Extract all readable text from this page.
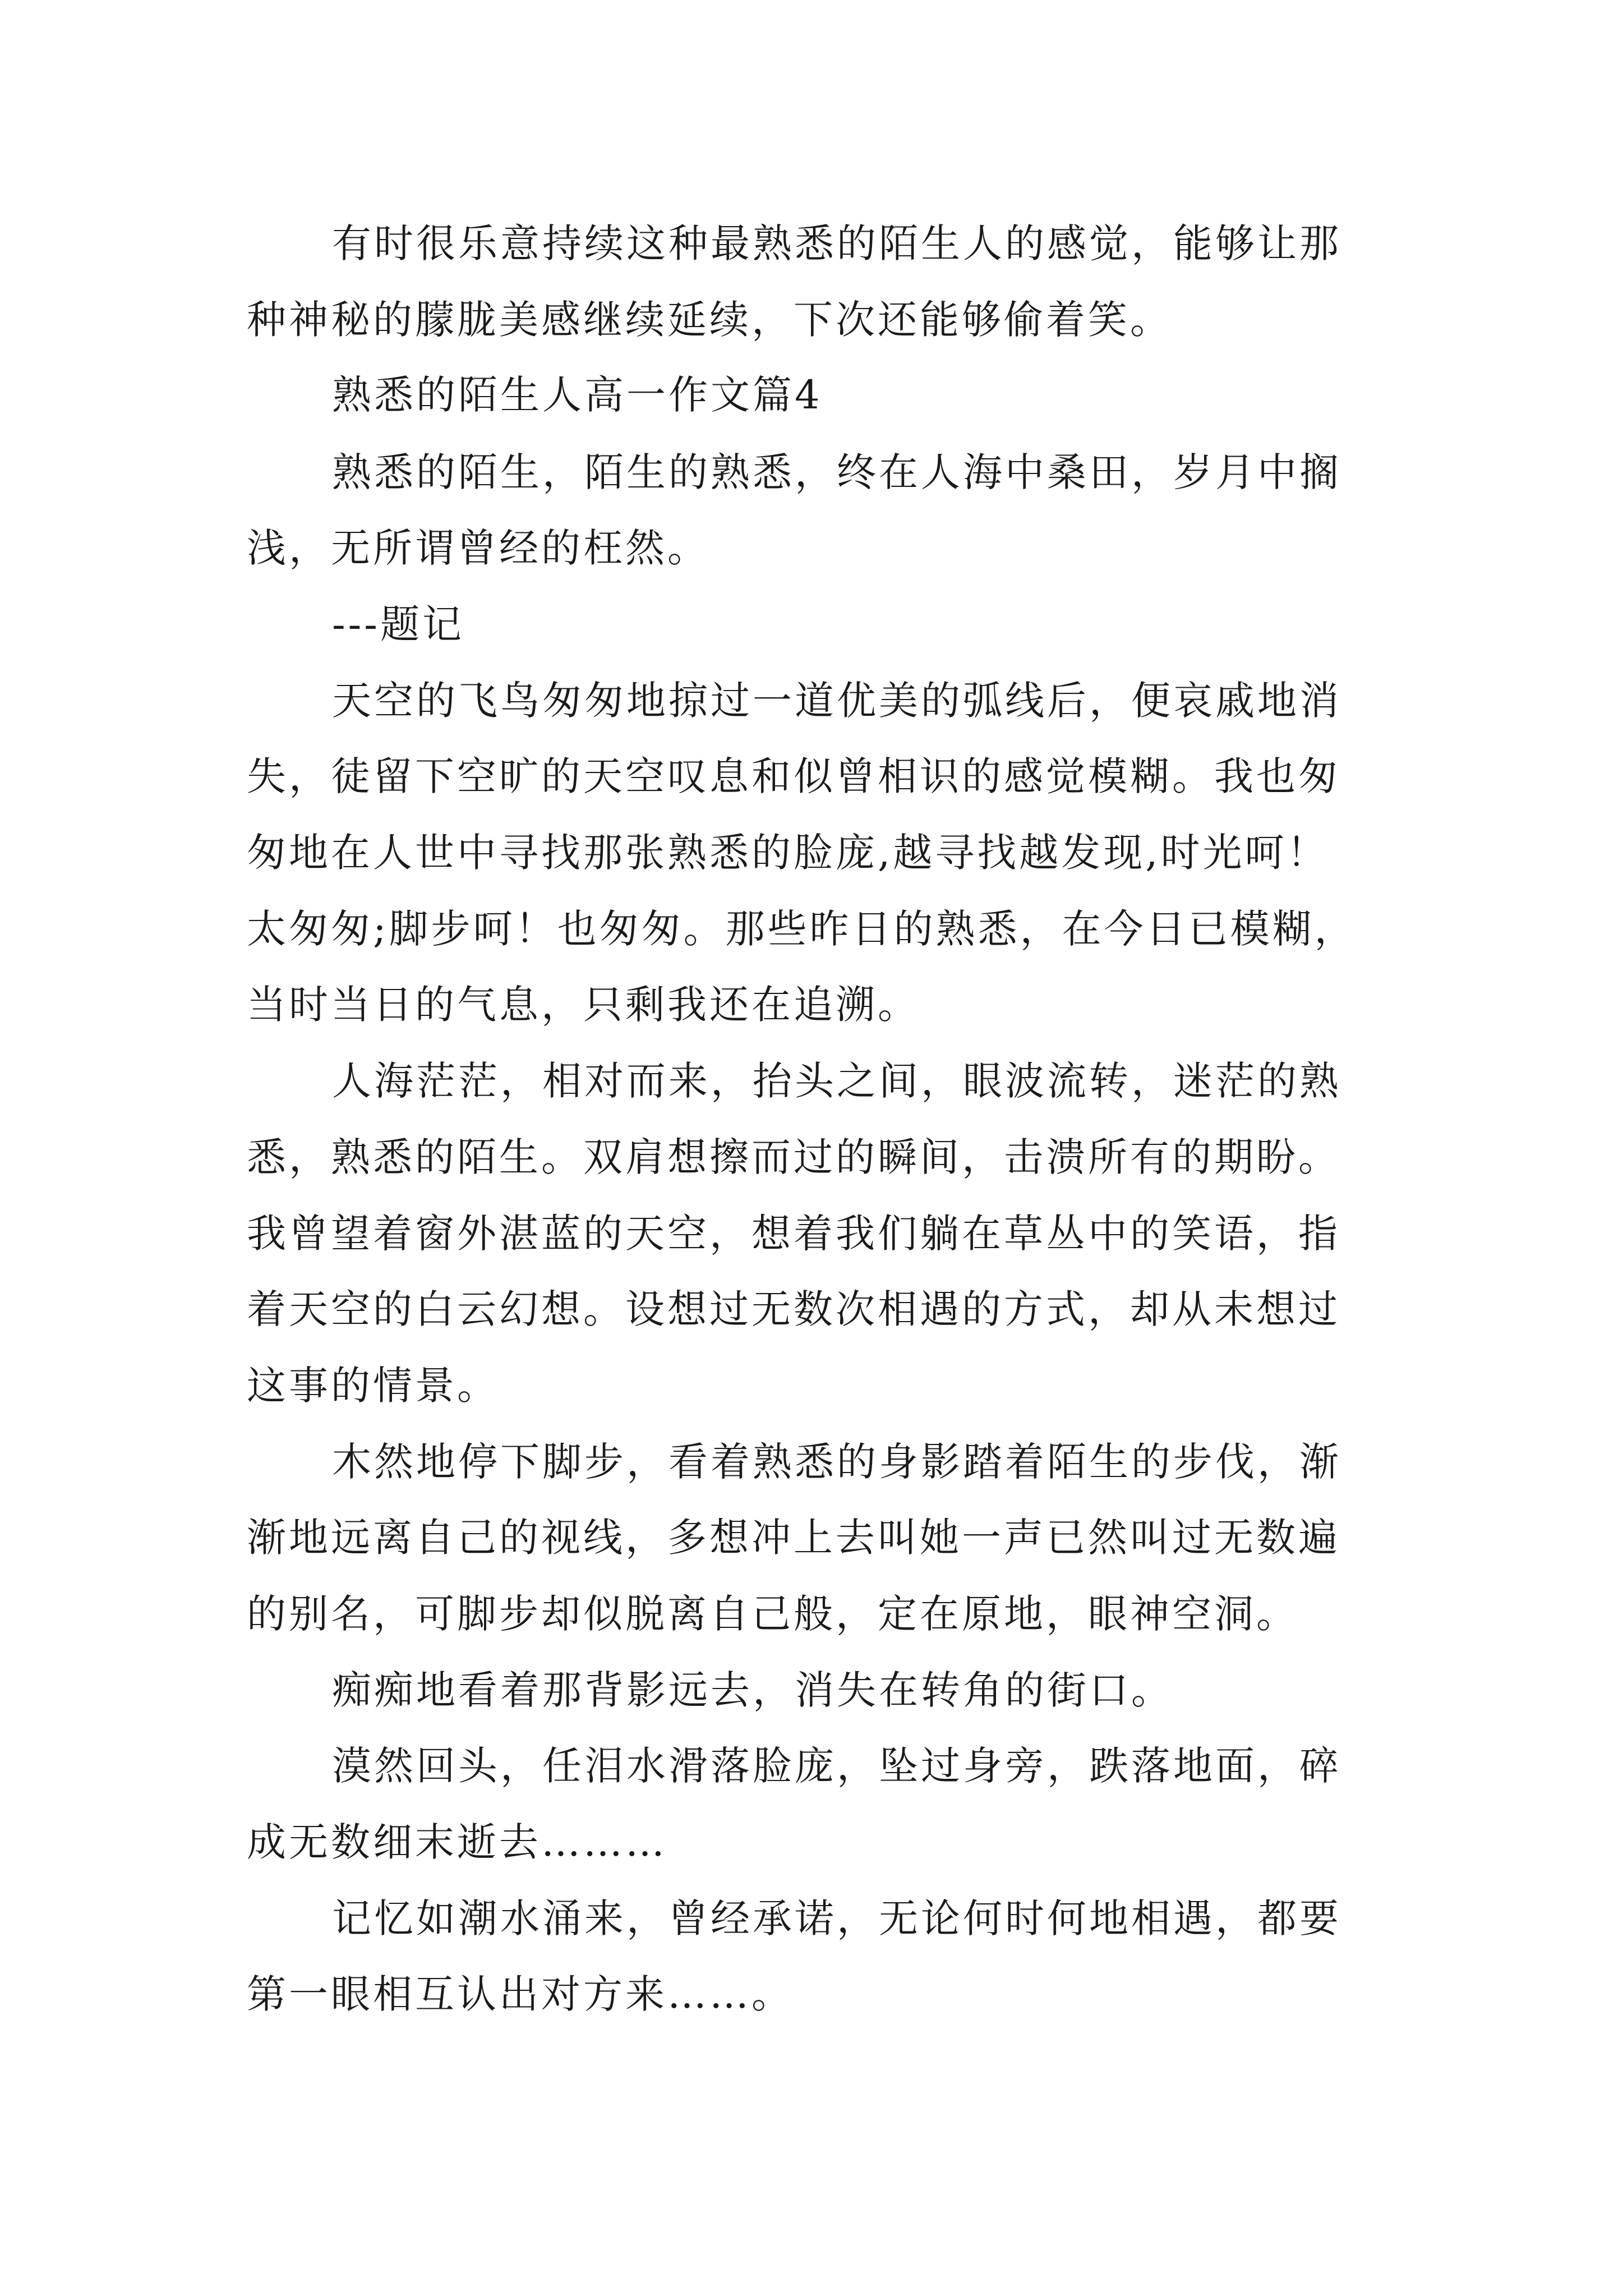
有时很乐意持续这种最熟悉的陌生人的感觉，能够让那

种神秘的朦胧美感继续延续，下次还能够偷着笑。

熟悉的陌生人高一作文篇4

熟悉的陌生，陌生的熟悉，终在人海中桑田，岁月中搁

浅，无所谓曾经的枉然。

---题记

天空的飞鸟匆匆地掠过一道优美的弧线后，便哀戚地消

失，徒留下空旷的天空叹息和似曾相识的感觉模糊。我也匆

匆地在人世中寻找那张熟悉的脸庞,越寻找越发现,时光呵！

太匆匆;脚步呵！也匆匆。那些昨日的熟悉，在今日已模糊，

当时当日的气息，只剩我还在追溯。

人海茫茫，相对而来，抬头之间，眼波流转，迷茫的熟

悉，熟悉的陌生。双肩想擦而过的瞬间，击溃所有的期盼。

我曾望着窗外湛蓝的天空，想着我们躺在草丛中的笑语，指

着天空的白云幻想。设想过无数次相遇的方式，却从未想过

这事的情景。

木然地停下脚步，看着熟悉的身影踏着陌生的步伐，渐

渐地远离自己的视线，多想冲上去叫她一声已然叫过无数遍

的别名，可脚步却似脱离自己般，定在原地，眼神空洞。

痴痴地看着那背影远去，消失在转角的街口。

漠然回头，任泪水滑落脸庞，坠过身旁，跌落地面，碎

成无数细末逝去………

记忆如潮水涌来，曾经承诺，无论何时何地相遇，都要

第一眼相互认出对方来……。
